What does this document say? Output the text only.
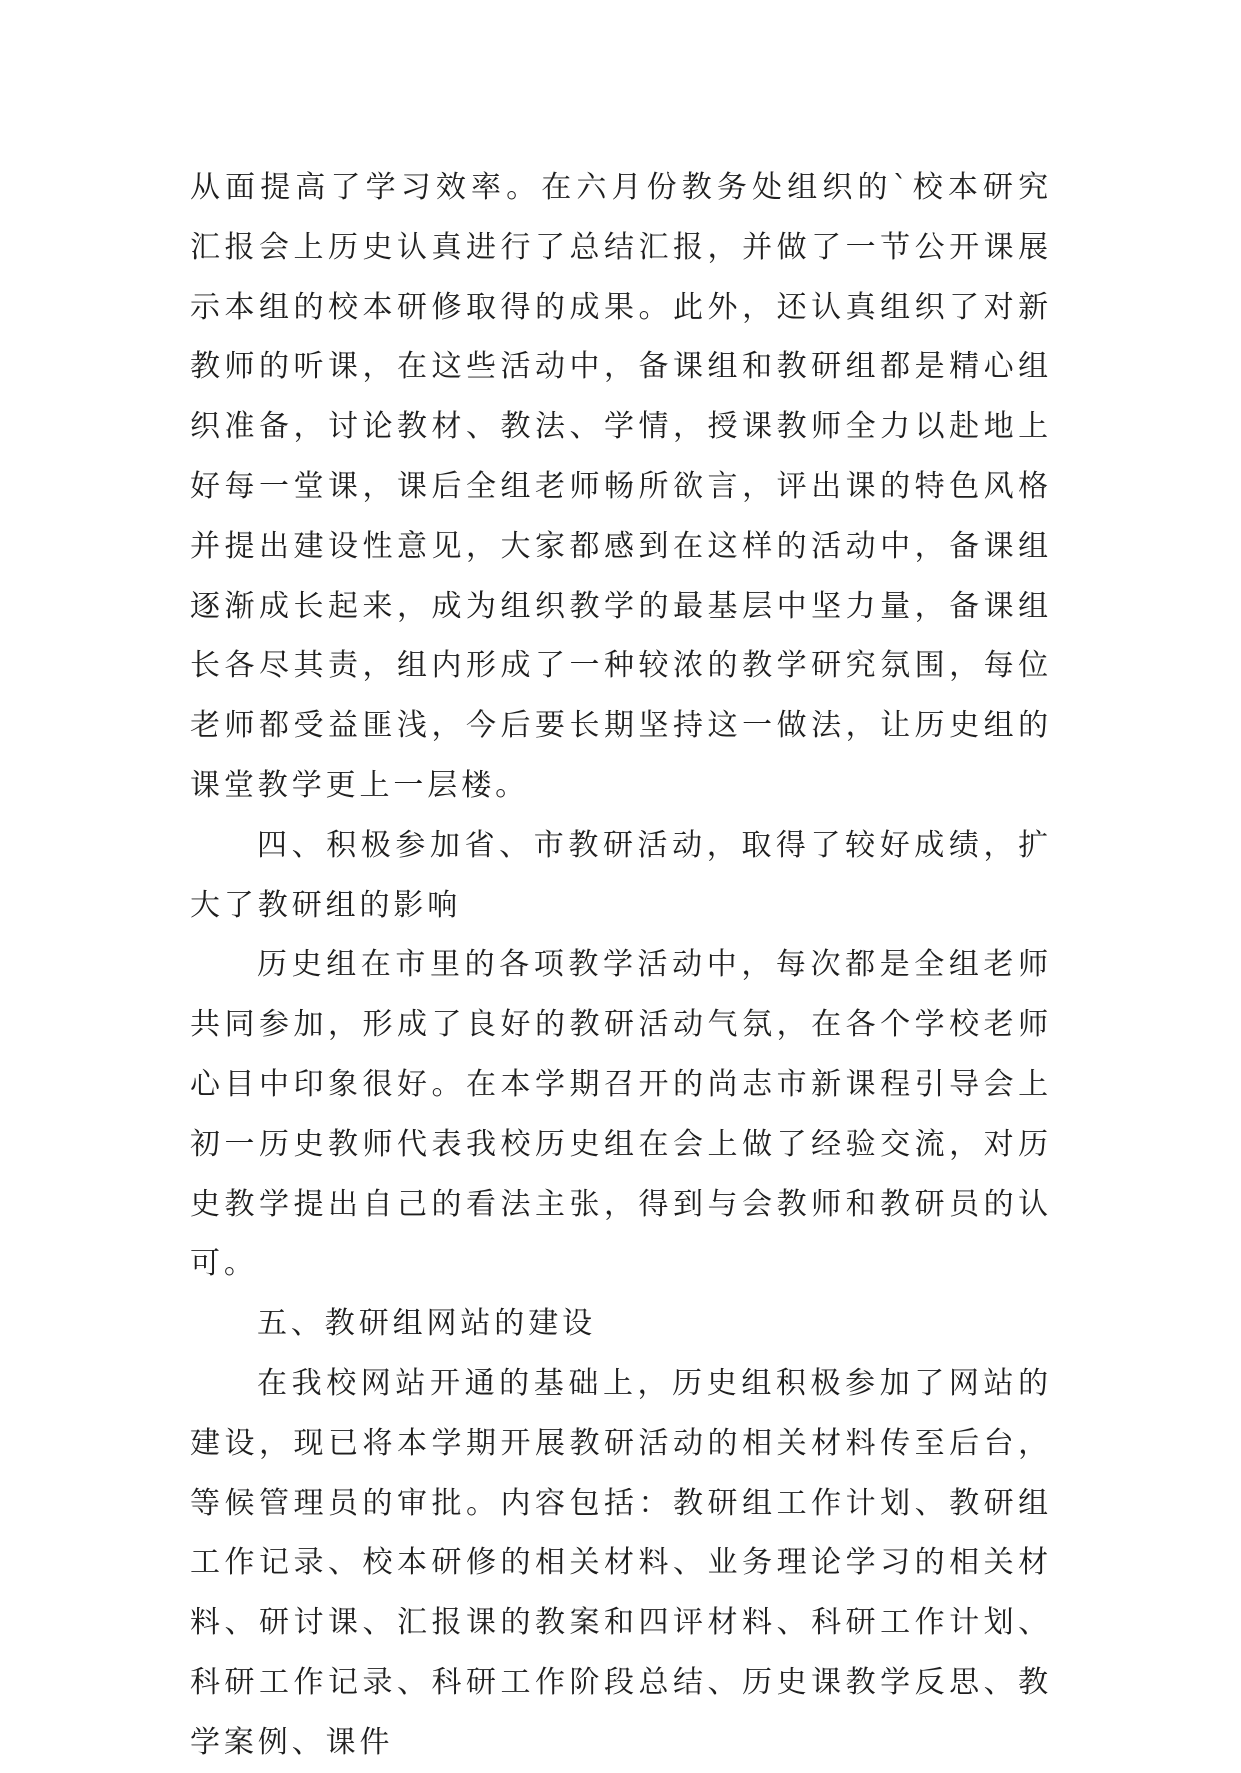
从面提高了学习效率。在六月份教务处组织的`校本研究汇报会上历史认真进行了总结汇报，并做了一节公开课展示本组的校本研修取得的成果。此外，还认真组织了对新教师的听课，在这些活动中，备课组和教研组都是精心组织准备，讨论教材、教法、学情，授课教师全力以赴地上好每一堂课，课后全组老师畅所欲言，评出课的特色风格并提出建设性意见，大家都感到在这样的活动中，备课组逐渐成长起来，成为组织教学的最基层中坚力量，备课组长各尽其责，组内形成了一种较浓的教学研究氛围，每位老师都受益匪浅，今后要长期坚持这一做法，让历史组的课堂教学更上一层楼。

四、积极参加省、市教研活动，取得了较好成绩，扩大了教研组的影响

历史组在市里的各项教学活动中，每次都是全组老师共同参加，形成了良好的教研活动气氛，在各个学校老师心目中印象很好。在本学期召开的尚志市新课程引导会上初一历史教师代表我校历史组在会上做了经验交流，对历史教学提出自己的看法主张，得到与会教师和教研员的认可。

五、教研组网站的建设

在我校网站开通的基础上，历史组积极参加了网站的建设，现已将本学期开展教研活动的相关材料传至后台，等候管理员的审批。内容包括：教研组工作计划、教研组工作记录、校本研修的相关材料、业务理论学习的相关材料、研讨课、汇报课的教案和四评材料、科研工作计划、科研工作记录、科研工作阶段总结、历史课教学反思、教学案例、课件
